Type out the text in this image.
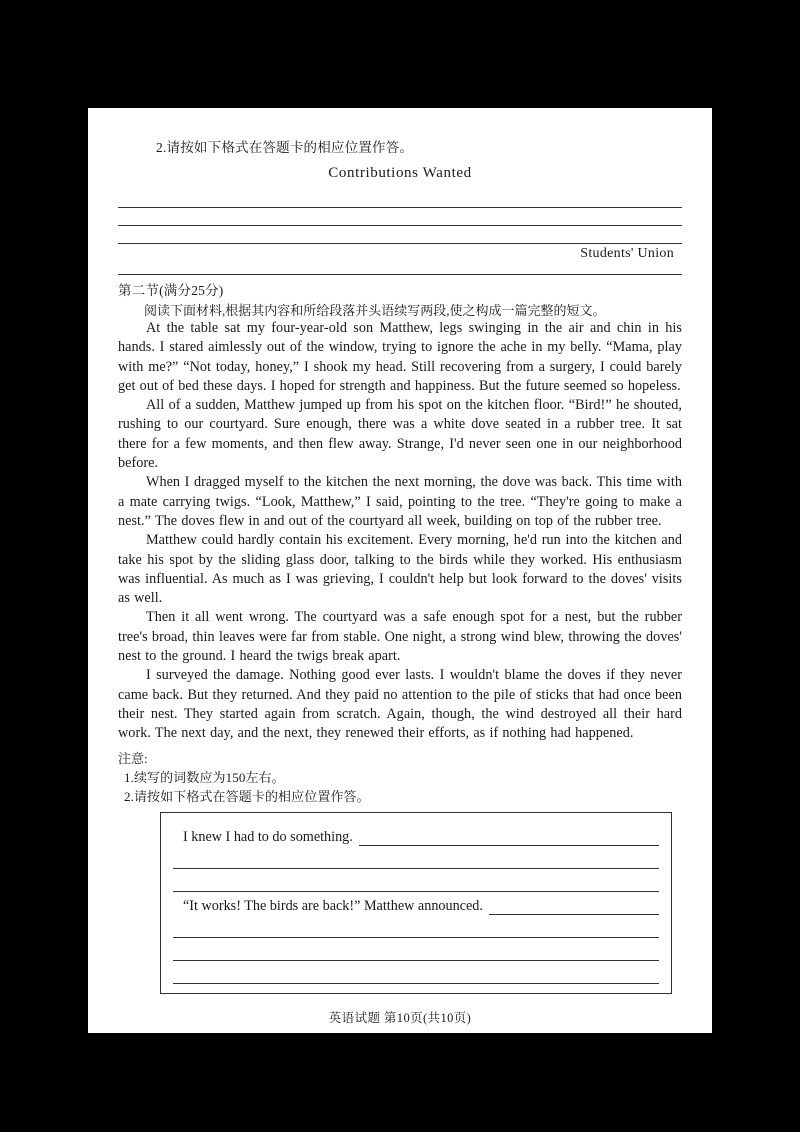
2.请按如下格式在答题卡的相应位置作答。
Contributions Wanted
Students' Union
第二节(满分25分)
阅读下面材料,根据其内容和所给段落并头语续写两段,使之构成一篇完整的短文。

At the table sat my four-year-old son Matthew, legs swinging in the air and chin in his hands. I stared aimlessly out of the window, trying to ignore the ache in my belly. “Mama, play with me?” “Not today, honey,” I shook my head. Still recovering from a surgery, I could barely get out of bed these days. I hoped for strength and happiness. But the future seemed so hopeless.

All of a sudden, Matthew jumped up from his spot on the kitchen floor. “Bird!” he shouted, rushing to our courtyard. Sure enough, there was a white dove seated in a rubber tree. It sat there for a few moments, and then flew away. Strange, I'd never seen one in our neighborhood before.

When I dragged myself to the kitchen the next morning, the dove was back. This time with a mate carrying twigs. “Look, Matthew,” I said, pointing to the tree. “They're going to make a nest.” The doves flew in and out of the courtyard all week, building on top of the rubber tree.

Matthew could hardly contain his excitement. Every morning, he'd run into the kitchen and take his spot by the sliding glass door, talking to the birds while they worked. His enthusiasm was influential. As much as I was grieving, I couldn't help but look forward to the doves' visits as well.

Then it all went wrong. The courtyard was a safe enough spot for a nest, but the rubber tree's broad, thin leaves were far from stable. One night, a strong wind blew, throwing the doves' nest to the ground. I heard the twigs break apart.

I surveyed the damage. Nothing good ever lasts. I wouldn't blame the doves if they never came back. But they returned. And they paid no attention to the pile of sticks that had once been their nest. They started again from scratch. Again, though, the wind destroyed all their hard work. The next day, and the next, they renewed their efforts, as if nothing had happened.

注意:
1.续写的词数应为150左右。
2.请按如下格式在答题卡的相应位置作答。
I knew I had to do something.
“It works! The birds are back!” Matthew announced.
英语试题 第10页(共10页)
